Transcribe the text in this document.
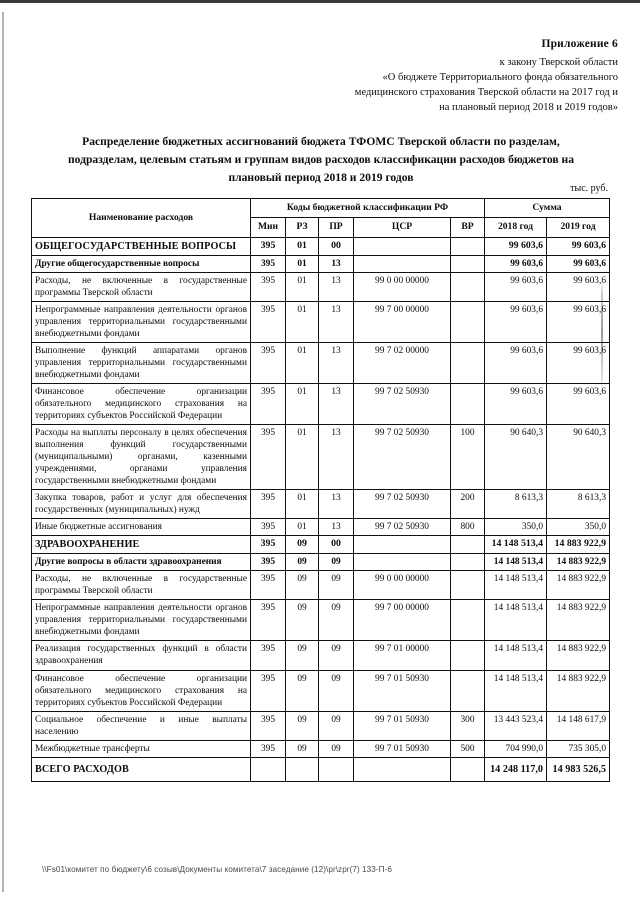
Приложение 6
к закону Тверской области
«О бюджете Территориального фонда обязательного
медицинского страхования Тверской области на 2017 год и
на плановый период 2018 и 2019 годов»
Распределение бюджетных ассигнований бюджета ТФОМС Тверской области по разделам,
подразделам, целевым статьям и группам видов расходов классификации расходов бюджетов на
плановый период 2018 и 2019 годов
тыс. руб.
Наименование расходов	Коды бюджетной классификации РФ					Сумма	
	Мин	РЗ	ПР	ЦСР	ВР	2018 год	2019 год
ОБЩЕГОСУДАРСТВЕННЫЕ ВОПРОСЫ	395	01	00			99 603,6	99 603,6
Другие общегосударственные вопросы	395	01	13			99 603,6	99 603,6
Расходы, не включенные в государственные программы Тверской области	395	01	13	99 0 00 00000		99 603,6	99 603,6
Непрограммные направления деятельности органов управления территориальными государственными внебюджетными фондами	395	01	13	99 7 00 00000		99 603,6	99 603,6
Выполнение функций аппаратами органов управления территориальными государственными внебюджетными фондами	395	01	13	99 7 02 00000		99 603,6	99 603,6
Финансовое обеспечение организации обязательного медицинского страхования на территориях субъектов Российской Федерации	395	01	13	99 7 02 50930		99 603,6	99 603,6
Расходы на выплаты персоналу в целях обеспечения выполнения функций государственными (муниципальными) органами, казенными учреждениями, органами управления государственными внебюджетными фондами	395	01	13	99 7 02 50930	100	90 640,3	90 640,3
Закупка товаров, работ и услуг для обеспечения государственных (муниципальных) нужд	395	01	13	99 7 02 50930	200	8 613,3	8 613,3
Иные бюджетные ассигнования	395	01	13	99 7 02 50930	800	350,0	350,0
ЗДРАВООХРАНЕНИЕ	395	09	00			14 148 513,4	14 883 922,9
Другие вопросы в области здравоохранения	395	09	09			14 148 513,4	14 883 922,9
Расходы, не включенные в государственные программы Тверской области	395	09	09	99 0 00 00000		14 148 513,4	14 883 922,9
Непрограммные направления деятельности органов управления территориальными государственными внебюджетными фондами	395	09	09	99 7 00 00000		14 148 513,4	14 883 922,9
Реализация государственных функций в области здравоохранения	395	09	09	99 7 01 00000		14 148 513,4	14 883 922,9
Финансовое обеспечение организации обязательного медицинского страхования на территориях субъектов Российской Федерации	395	09	09	99 7 01 50930		14 148 513,4	14 883 922,9
Социальное обеспечение и иные выплаты населению	395	09	09	99 7 01 50930	300	13 443 523,4	14 148 617,9
Межбюджетные трансферты	395	09	09	99 7 01 50930	500	704 990,0	735 305,0
ВСЕГО РАСХОДОВ						14 248 117,0	14 983 526,5
\\Fs01\комитет по бюджету\6 созыв\Документы комитета\7 заседание (12)\pr\zpr(7) 133-П-6
